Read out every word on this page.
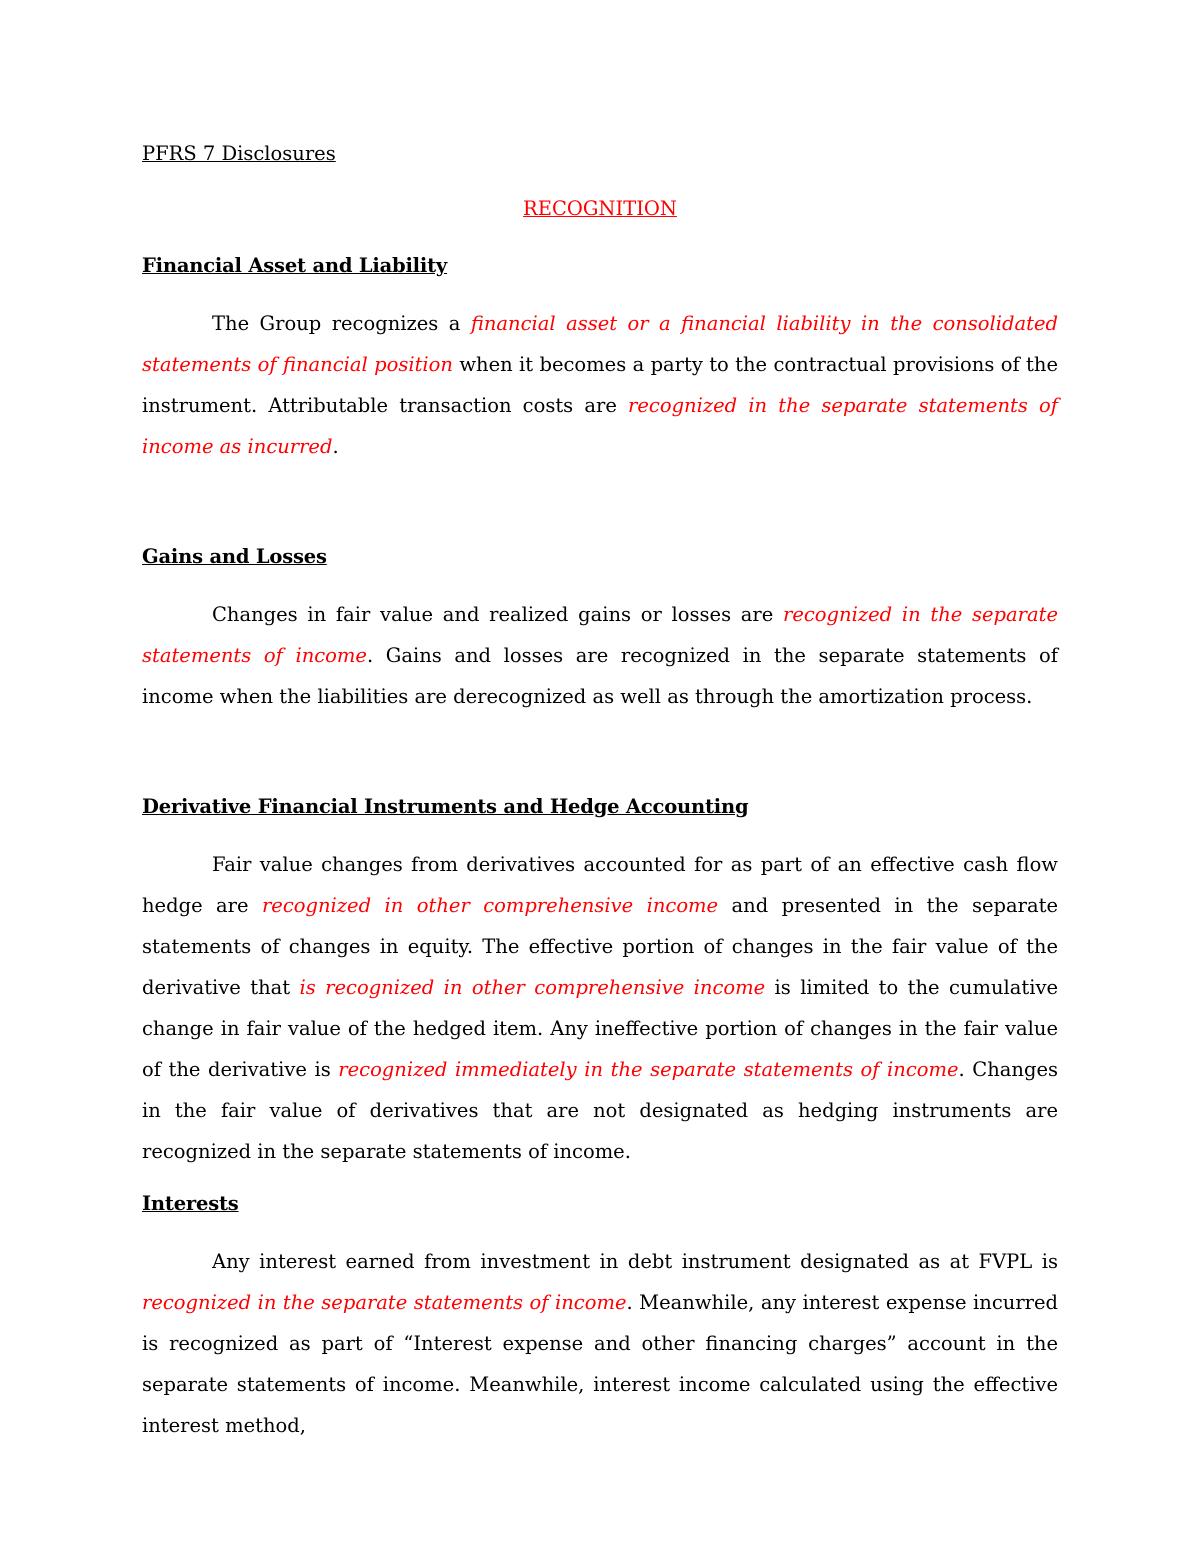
PFRS 7 Disclosures
RECOGNITION
Financial Asset and Liability

The Group recognizes a financial asset or a financial liability in the consolidated statements of financial position when it becomes a party to the contractual provisions of the instrument. Attributable transaction costs are recognized in the separate statements of income as incurred.

Gains and Losses

Changes in fair value and realized gains or losses are recognized in the separate statements of income. Gains and losses are recognized in the separate statements of income when the liabilities are derecognized as well as through the amortization process.

Derivative Financial Instruments and Hedge Accounting

Fair value changes from derivatives accounted for as part of an effective cash flow hedge are recognized in other comprehensive income and presented in the separate statements of changes in equity. The effective portion of changes in the fair value of the derivative that is recognized in other comprehensive income is limited to the cumulative change in fair value of the hedged item. Any ineffective portion of changes in the fair value of the derivative is recognized immediately in the separate statements of income. Changes in the fair value of derivatives that are not designated as hedging instruments are recognized in the separate statements of income.

Interests

Any interest earned from investment in debt instrument designated as at FVPL is recognized in the separate statements of income. Meanwhile, any interest expense incurred is recognized as part of “Interest expense and other financing charges” account in the separate statements of income. Meanwhile, interest income calculated using the effective interest method,
